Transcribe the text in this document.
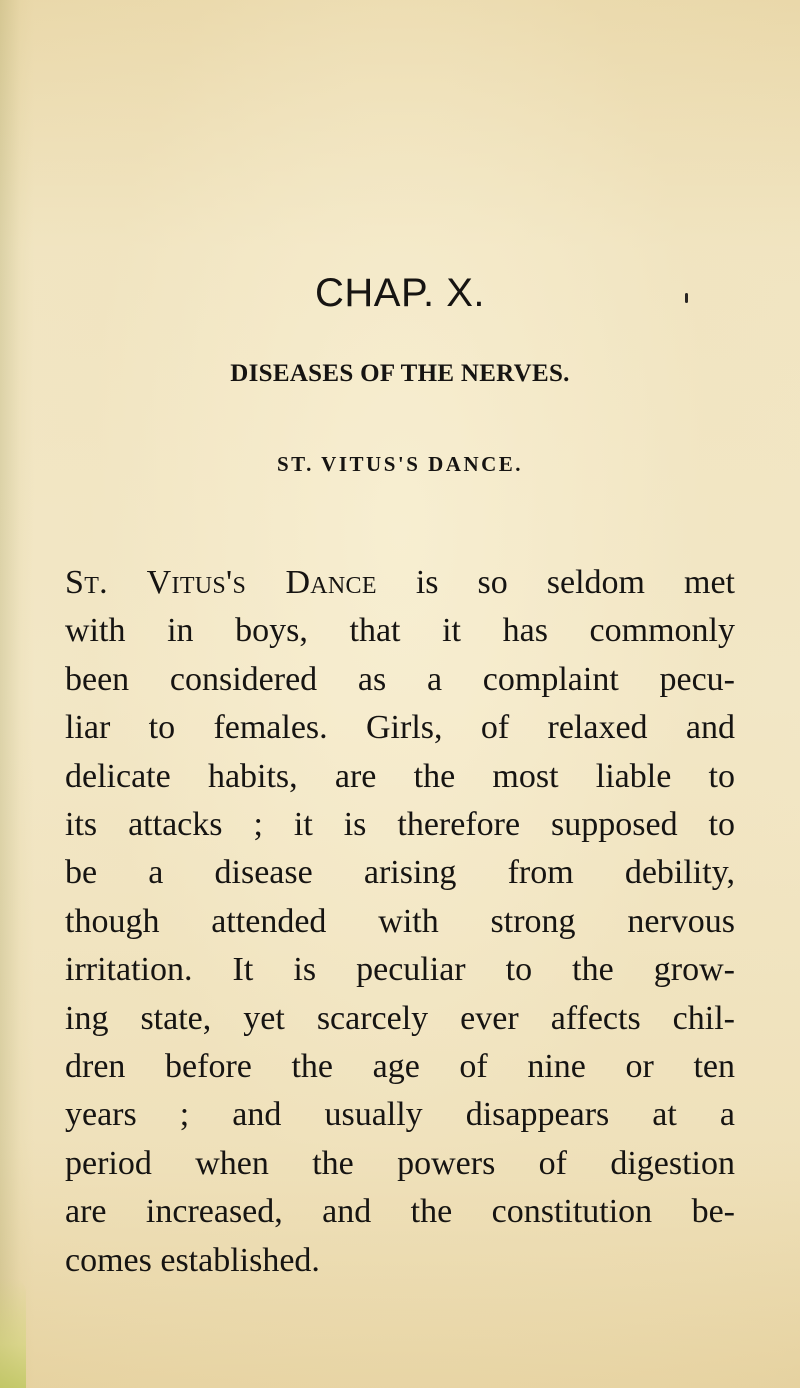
CHAP. X.
DISEASES OF THE NERVES.
ST. VITUS'S DANCE.
St. Vitus's Dance is so seldom met
with in boys, that it has commonly
been considered as a complaint pecu-
liar to females. Girls, of relaxed and
delicate habits, are the most liable to
its attacks ; it is therefore supposed to
be a disease arising from debility,
though attended with strong nervous
irritation. It is peculiar to the grow-
ing state, yet scarcely ever affects chil-
dren before the age of nine or ten
years ; and usually disappears at a
period when the powers of digestion
are increased, and the constitution be-
comes established.
